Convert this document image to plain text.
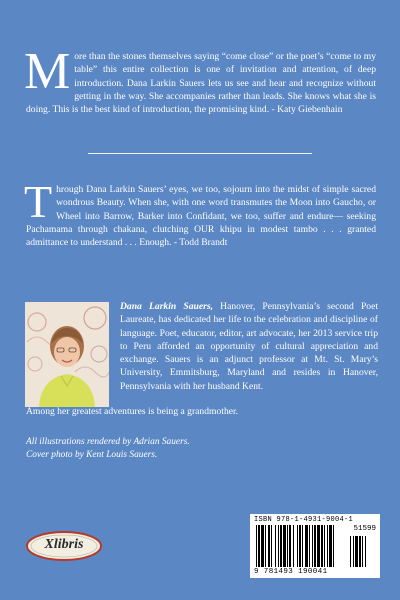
M ore than the stones themselves saying “come close” or the poet’s “come to my table” this entire collection is one of invitation and attention, of deep introduction. Dana Larkin Sauers lets us see and hear and recognize without getting in the way. She accompanies rather than leads. She knows what she is doing. This is the best kind of introduction, the promising kind. - Katy Giebenhain
T hrough Dana Larkin Sauers’ eyes, we too, sojourn into the midst of simple sacred wondrous Beauty. When she, with one word transmutes the Moon into Gaucho, or Wheel into Barrow, Barker into Confidant, we too, suffer and endure— seeking Pachamama through chakana, clutching OUR khipu in modest tambo . . . granted admittance to understand . . . Enough. - Todd Brandt
Dana Larkin Sauers, Hanover, Pennsylvania’s second Poet Laureate, has dedicated her life to the celebration and discipline of language. Poet, educator, editor, art advocate, her 2013 service trip to Peru afforded an opportunity of cultural appreciation and exchange. Sauers is an adjunct professor at Mt. St. Mary’s University, Emmitsburg, Maryland and resides in Hanover, Pennsylvania with her husband Kent.
Among her greatest adventures is being a grandmother.
All illustrations rendered by Adrian Sauers.
Cover photo by Kent Louis Sauers.
Xlibris
ISBN 978-1-4931-9004-1
51599
9 781493 190041
